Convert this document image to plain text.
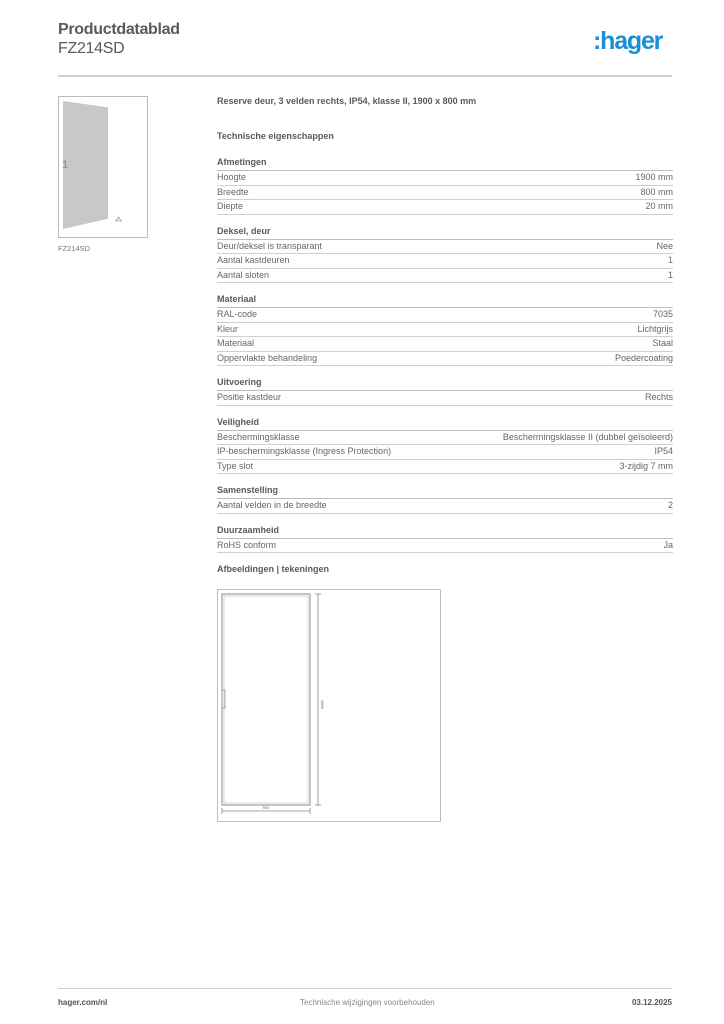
Productdatablad
FZ214SD	:hager
1
⁂
FZ214SD
Reserve deur, 3 velden rechts, IP54, klasse II, 1900 x 800 mm
Technische eigenschappen
Afmetingen
Hoogte	1900 mm
Breedte	800 mm
Diepte	20 mm
Deksel, deur
Deur/deksel is transparant	Nee
Aantal kastdeuren	1
Aantal sloten	1
Materiaal
RAL-code	7035
Kleur	Lichtgrijs
Materiaal	Staal
Oppervlakte behandeling	Poedercoating
Uitvoering
Positie kastdeur	Rechts
Veiligheid
Beschermingsklasse	Beschermingsklasse II (dubbel geïsoleerd)
IP-beschermingsklasse (Ingress Protection)	IP54
Type slot	3-zijdig 7 mm
Samenstelling
Aantal velden in de breedte	2
Duurzaamheid
RoHS conform	Ja
Afbeeldingen | tekeningen
1900
750
hager.com/nl	Technische wijzigingen voorbehouden	03.12.2025
